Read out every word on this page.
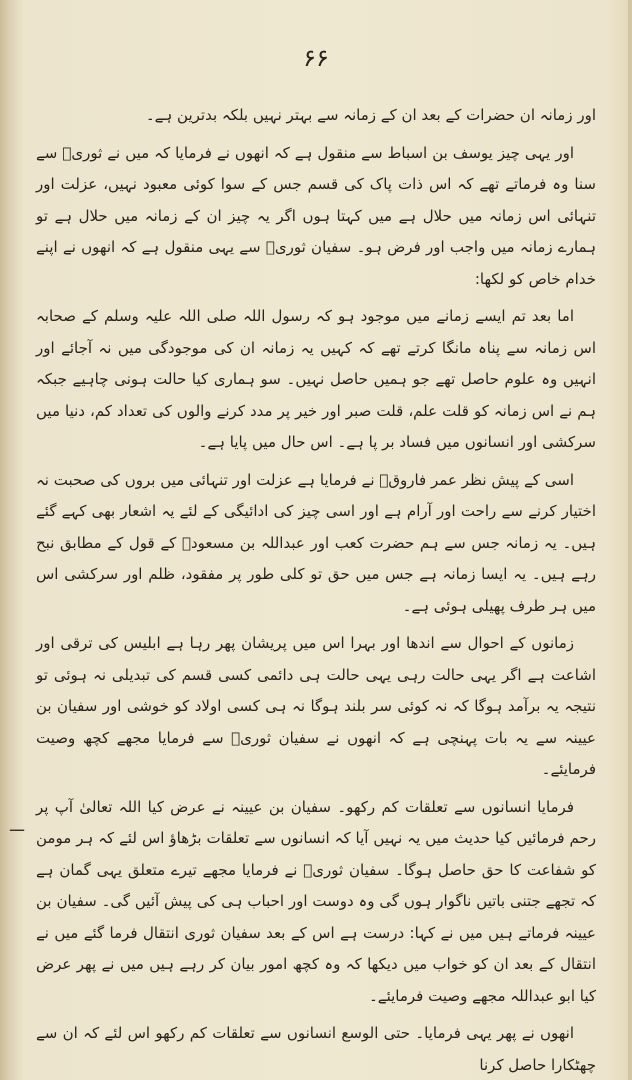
۶۶

اور زمانہ ان حضرات کے بعد ان کے زمانہ سے بہتر نہیں بلکہ بدترین ہے۔

اور یہی چیز یوسف بن اسباط سے منقول ہے کہ انھوں نے فرمایا کہ میں نے ثوریؒ سے سنا وہ فرماتے تھے کہ اس ذات پاک کی قسم جس کے سوا کوئی معبود نہیں، عزلت اور تنہائی اس زمانہ میں حلال ہے میں کہتا ہوں اگر یہ چیز ان کے زمانہ میں حلال ہے تو ہمارے زمانہ میں واجب اور فرض ہو۔ سفیان ثوریؒ سے یہی منقول ہے کہ انھوں نے اپنے خدام خاص کو لکھا:

اما بعد تم ایسے زمانے میں موجود ہو کہ رسول اللہ صلی اللہ علیہ وسلم کے صحابہ اس زمانہ سے پناہ مانگا کرتے تھے کہ کہیں یہ زمانہ ان کی موجودگی میں نہ آجائے اور انہیں وہ علوم حاصل تھے جو ہمیں حاصل نہیں۔ سو ہماری کیا حالت ہونی چاہیے جبکہ ہم نے اس زمانہ کو قلت علم، قلت صبر اور خیر پر مدد کرنے والوں کی تعداد کم، دنیا میں سرکشی اور انسانوں میں فساد بر پا ہے۔ اس حال میں پایا ہے۔

اسی کے پیش نظر عمر فاروقؓ نے فرمایا ہے عزلت اور تنہائی میں بروں کی صحبت نہ اختیار کرنے سے راحت اور آرام ہے اور اسی چیز کی ادائیگی کے لئے یہ اشعار بھی کہے گئے ہیں۔ یہ زمانہ جس سے ہم حضرت کعب اور عبداللہ بن مسعودؓ کے قول کے مطابق نبح رہے ہیں۔ یہ ایسا زمانہ ہے جس میں حق تو کلی طور پر مفقود، ظلم اور سرکشی اس میں ہر طرف پھیلی ہوئی ہے۔

زمانوں کے احوال سے اندھا اور بہرا اس میں پریشان پھر رہا ہے ابلیس کی ترقی اور اشاعت ہے اگر یہی حالت رہی یہی حالت ہی دائمی کسی قسم کی تبدیلی نہ ہوئی تو نتیجہ یہ برآمد ہوگا کہ نہ کوئی سر بلند ہوگا نہ ہی کسی اولاد کو خوشی اور سفیان بن عیینہ سے یہ بات پہنچی ہے کہ انھوں نے سفیان ثوریؒ سے فرمایا مجھے کچھ وصیت فرمایئے۔

فرمایا انسانوں سے تعلقات کم رکھو۔ سفیان بن عیینہ نے عرض کیا اللہ تعالیٰ آپ پر رحم فرمائیں کیا حدیث میں یہ نہیں آیا کہ انسانوں سے تعلقات بڑھاؤ اس لئے کہ ہر مومن کو شفاعت کا حق حاصل ہوگا۔ سفیان ثوریؒ نے فرمایا مجھے تیرے متعلق یہی گمان ہے کہ تجھے جتنی باتیں ناگوار ہوں گی وہ دوست اور احباب ہی کی پیش آئیں گی۔ سفیان بن عیینہ فرماتے ہیں میں نے کہا: درست ہے اس کے بعد سفیان ثوری انتقال فرما گئے میں نے انتقال کے بعد ان کو خواب میں دیکھا کہ وہ کچھ امور بیان کر رہے ہیں میں نے پھر عرض کیا ابو عبداللہ مجھے وصیت فرمایئے۔

انھوں نے پھر یہی فرمایا۔ حتی الوسع انسانوں سے تعلقات کم رکھو اس لئے کہ ان سے چھٹکارا حاصل کرنا

ـــ
